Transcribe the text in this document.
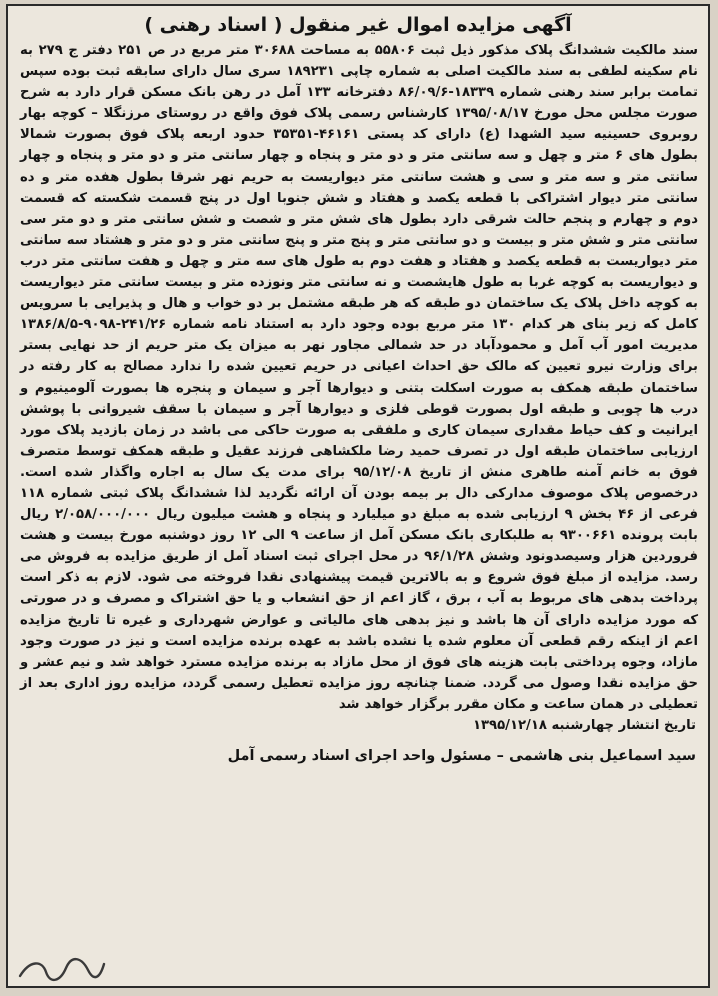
آگهی مزایده اموال غیر منقول ( اسناد رهنی )
سند مالکیت ششدانگ پلاک مذکور ذیل ثبت ۵۵۸۰۶ به مساحت ۳۰۶۸۸ متر مربع در ص ۲۵۱ دفتر ج ۲۷۹ به نام سکینه لطفی به سند مالکیت اصلی به شماره چاپی ۱۸۹۲۳۱ سری سال دارای سابقه ثبت بوده سپس تمامت برابر سند رهنی شماره ۱۸۳۳۹-۸۶/۰۹/۶ دفترخانه ۱۳۳ آمل در رهن بانک مسکن قرار دارد به شرح صورت مجلس محل مورخ ۱۳۹۵/۰۸/۱۷ کارشناس رسمی پلاک فوق واقع در روستای مرزنگلا – کوچه بهار روبروی حسینیه سید الشهدا (ع) دارای کد پستی ۴۶۱۶۱-۳۵۳۵۱ حدود اربعه پلاک فوق بصورت شمالا بطول های ۶ متر و چهل و سه سانتی متر و دو متر و پنجاه و چهار سانتی متر و دو متر و پنجاه و چهار سانتی متر و سه متر و سی و هشت سانتی متر دیواریست به حریم نهر شرقا بطول هفده متر و ده سانتی متر دیوار اشتراکی با قطعه یکصد و هفتاد و شش جنوبا اول در پنج قسمت شکسته که قسمت دوم و چهارم و پنجم حالت شرقی دارد بطول های شش متر و شصت و شش سانتی متر و دو متر سی سانتی متر و شش متر و بیست و دو سانتی متر و پنج متر و پنج سانتی متر و دو متر و هشتاد سه سانتی متر دیواریست به قطعه یکصد و هفتاد و هفت دوم به طول های سه متر و چهل و هفت سانتی متر درب و دیواریست به کوچه غربا به طول هایشصت و نه سانتی متر ونوزده متر و بیست سانتی متر دیواریست به کوچه داخل پلاک یک ساختمان دو طبقه که هر طبقه مشتمل بر دو خواب و هال و پذیرایی با سرویس کامل که زیر بنای هر کدام ۱۳۰ متر مربع بوده وجود دارد به استناد نامه شماره ۲۴۱/۲۶-۹۰۹۸-۱۳۸۶/۸/۵ مدیریت امور آب آمل و محمودآباد در حد شمالی مجاور نهر به میزان یک متر حریم از حد نهایی بستر برای وزارت نیرو تعیین که مالک حق احداث اعیانی در حریم تعیین شده را ندارد مصالح به کار رفته در ساختمان طبقه همکف به صورت اسکلت بتنی و دیوارها آجر و سیمان و پنجره ها بصورت آلومینیوم و درب ها چوبی و طبقه اول بصورت قوطی فلزی و دیوارها آجر و سیمان با سقف شیروانی با پوشش ایرانیت و کف حیاط مقداری سیمان کاری و ملفقی به صورت حاکی می باشد در زمان بازدید پلاک مورد ارزیابی ساختمان طبقه اول در تصرف حمید رضا ملکشاهی فرزند عقیل و طبقه همکف توسط متصرف فوق به خانم آمنه طاهری منش از تاریخ ۹۵/۱۲/۰۸ برای مدت یک سال به اجاره واگذار شده است. درخصوص پلاک موصوف مدارکی دال بر بیمه بودن آن ارائه نگردید لذا ششدانگ پلاک ثبتی شماره ۱۱۸ فرعی از ۴۶ بخش ۹ ارزیابی شده به مبلغ دو میلیارد و پنجاه و هشت میلیون ریال ۲/۰۵۸/۰۰۰/۰۰۰ ریال بابت پرونده ۹۳۰۰۶۶۱ به طلبکاری بانک مسکن آمل از ساعت ۹ الی ۱۲ روز دوشنبه مورخ بیست و هشت فروردین هزار وسیصدونود وشش ۹۶/۱/۲۸ در محل اجرای ثبت اسناد آمل از طریق مزایده به فروش می رسد. مزایده از مبلغ فوق شروع و به بالاترین قیمت پیشنهادی نقدا فروخته می شود. لازم به ذکر است پرداخت بدهی های مربوط به آب ، برق ، گاز اعم از حق انشعاب و یا حق اشتراک و مصرف و در صورتی که مورد مزایده دارای آن ها باشد و نیز بدهی های مالیاتی و عوارض شهرداری و غیره تا تاریخ مزایده اعم از اینکه رقم قطعی آن معلوم شده یا نشده باشد به عهده برنده مزایده است و نیز در صورت وجود مازاد، وجوه پرداختی بابت هزینه های فوق از محل مازاد به برنده مزایده مسترد خواهد شد و نیم عشر و حق مزایده نقدا وصول می گردد. ضمنا چنانچه روز مزایده تعطیل رسمی گردد، مزایده روز اداری بعد از تعطیلی در همان ساعت و مکان مقرر برگزار خواهد شد
تاریخ انتشار چهارشنبه ۱۳۹۵/۱۲/۱۸
سید اسماعیل بنی هاشمی – مسئول واحد اجرای اسناد رسمی آمل
